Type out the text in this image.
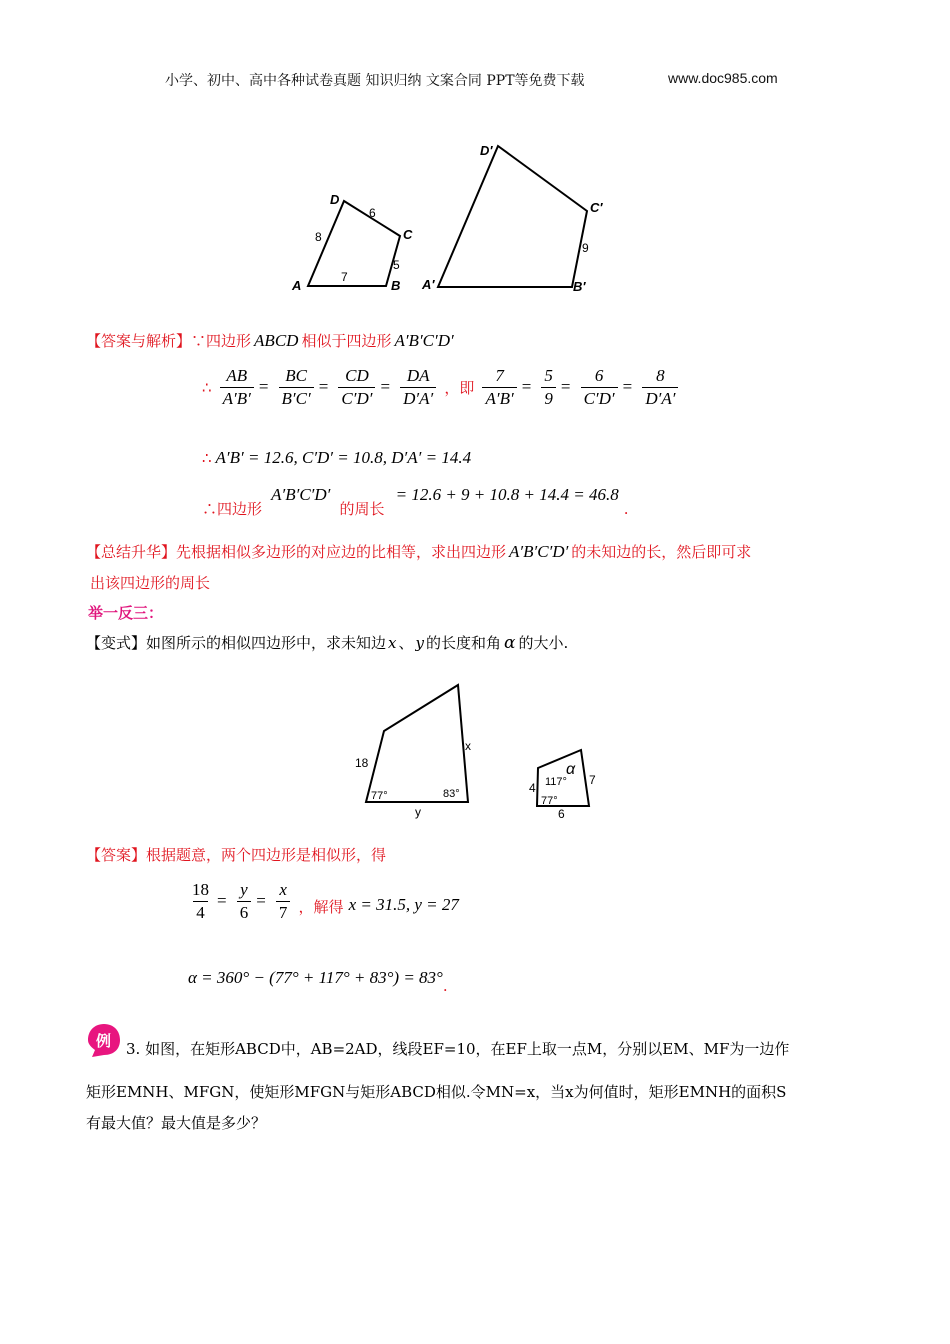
小学、初中、高中各种试卷真题 知识归纳 文案合同 PPT等免费下载	www.doc985.com
A	B
C
D
7
5
6
8
A′	B′
C′
D′
9
【答案与解析】∵四边形 ABCD 相似于四边形 A′B′C′D′
∴ $\frac{AB}{A'B'} = \frac{BC}{B'C'} = \frac{CD}{C'D'} = \frac{DA}{D'A'}$ ，即 $\frac{7}{A'B'} = \frac{5}{9} = \frac{6}{C'D'} = \frac{8}{D'A'}$
∴ A′B′ = 12.6, C′D′ = 10.8, D′A′ = 14.4
∴四边形 A′B′C′D′ 的周长 = 12.6 + 9 + 10.8 + 14.4 = 46.8 .
【总结升华】先根据相似多边形的对应边的比相等，求出四边形 A′B′C′D′ 的未知边的长，然后即可求
出该四边形的周长
举一反三：
【变式】如图所示的相似四边形中，求未知边 x 、 y 的长度和角 α 的大小.
18
x
y
77°	83°
α
117°
77°
4
7
6
【答案】根据题意，两个四边形是相似形，得
$\frac{18}{4} = \frac{y}{6} = \frac{x}{7}$ ，解得 x = 31.5, y = 27
α = 360° − (77° + 117° + 83°) = 83°.
例 3. 如图，在矩形ABCD中，AB=2AD，线段EF=10，在EF上取一点M，分别以EM、MF为一边作
矩形EMNH、MFGN，使矩形MFGN与矩形ABCD相似.令MN=x，当x为何值时，矩形EMNH的面积S
有最大值？最大值是多少？
